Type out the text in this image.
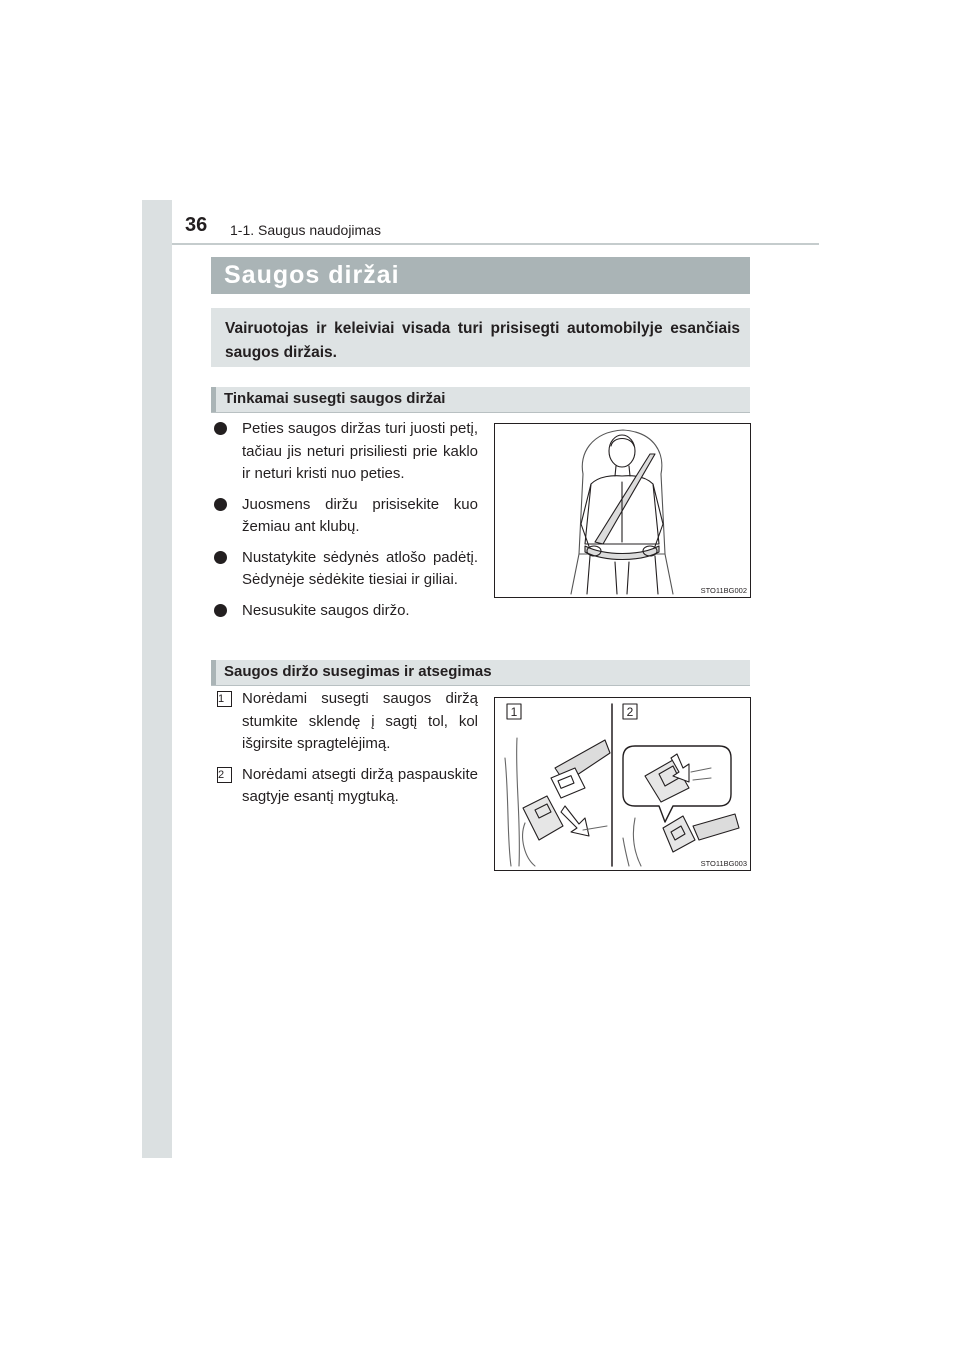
36 1-1. Saugus naudojimas
Saugos diržai

Vairuotojas ir keleiviai visada turi prisisegti automobilyje esančiais saugos diržais.

Tinkamai susegti saugos diržai
Peties saugos diržas turi juosti petį, tačiau jis neturi prisiliesti prie kaklo ir neturi kristi nuo peties.
Juosmens diržu prisisekite kuo žemiau ant klubų.
Nustatykite sėdynės atlošo padėtį. Sėdynėje sėdėkite tiesiai ir giliai.
Nesusukite saugos diržo.
STO11BG002
Saugos diržo susegimas ir atsegimas
1	Norėdami susegti saugos diržą stumkite sklendę į sagtį tol, kol išgirsite spragtelėjimą.
2	Norėdami atsegti diržą paspauskite sagtyje esantį mygtuką.
1	2
STO11BG003
